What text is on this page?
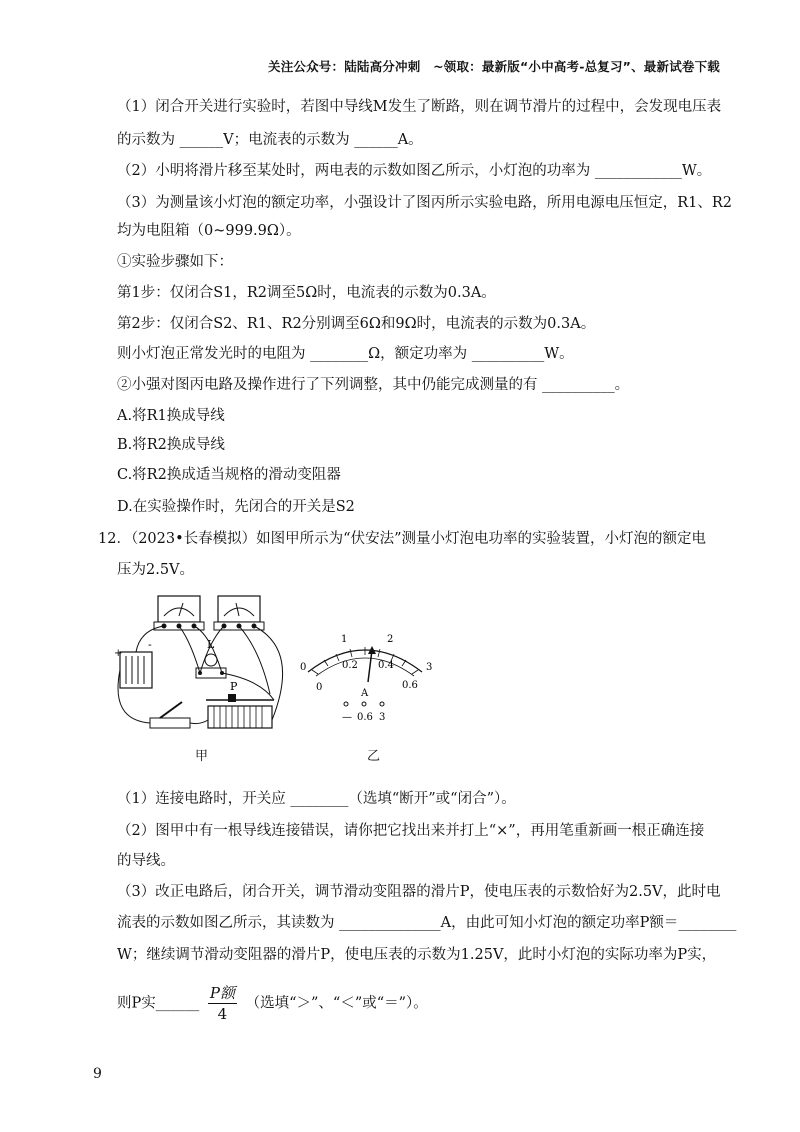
关注公众号：陆陆高分冲刺　~领取：最新版“小中高考-总复习”、最新试卷下载
（1）闭合开关进行实验时，若图中导线M发生了断路，则在调节滑片的过程中，会发现电压表
的示数为 ______V；电流表的示数为 ______A。
（2）小明将滑片移至某处时，两电表的示数如图乙所示，小灯泡的功率为 ____________W。
（3）为测量该小灯泡的额定功率，小强设计了图丙所示实验电路，所用电源电压恒定，R1、R2
均为电阻箱（0~999.9Ω）。
①实验步骤如下：
第1步：仅闭合S1，R2调至5Ω时，电流表的示数为0.3A。
第2步：仅闭合S2、R1、R2分别调至6Ω和9Ω时，电流表的示数为0.3A。
则小灯泡正常发光时的电阻为 ________Ω，额定功率为 __________W。
②小强对图丙电路及操作进行了下列调整，其中仍能完成测量的有 __________。
A.将R1换成导线
B.将R2换成导线
C.将R2换成适当规格的滑动变阻器
D.在实验操作时，先闭合的开关是S2
12．（2023•长春模拟）如图甲所示为“伏安法”测量小灯泡电功率的实验装置，小灯泡的额定电
压为2.5V。
+
-	L
P
0
1	2
3
0
0.2 0.4
0.6
A
— 0.6 3
甲	乙
（1）连接电路时，开关应 ________（选填“断开”或“闭合”）。
（2）图甲中有一根导线连接错误，请你把它找出来并打上“×”，再用笔重新画一根正确连接
的导线。
（3）改正电路后，闭合开关，调节滑动变阻器的滑片P，使电压表的示数恰好为2.5V，此时电
流表的示数如图乙所示，其读数为 ______________A，由此可知小灯泡的额定功率P额＝________
W；继续调节滑动变阻器的滑片P，使电压表的示数为1.25V，此时小灯泡的实际功率为P实，
则P实______ $\frac{\text{P额}}{4}$ （选填“＞”、“＜”或“＝”）。
9
